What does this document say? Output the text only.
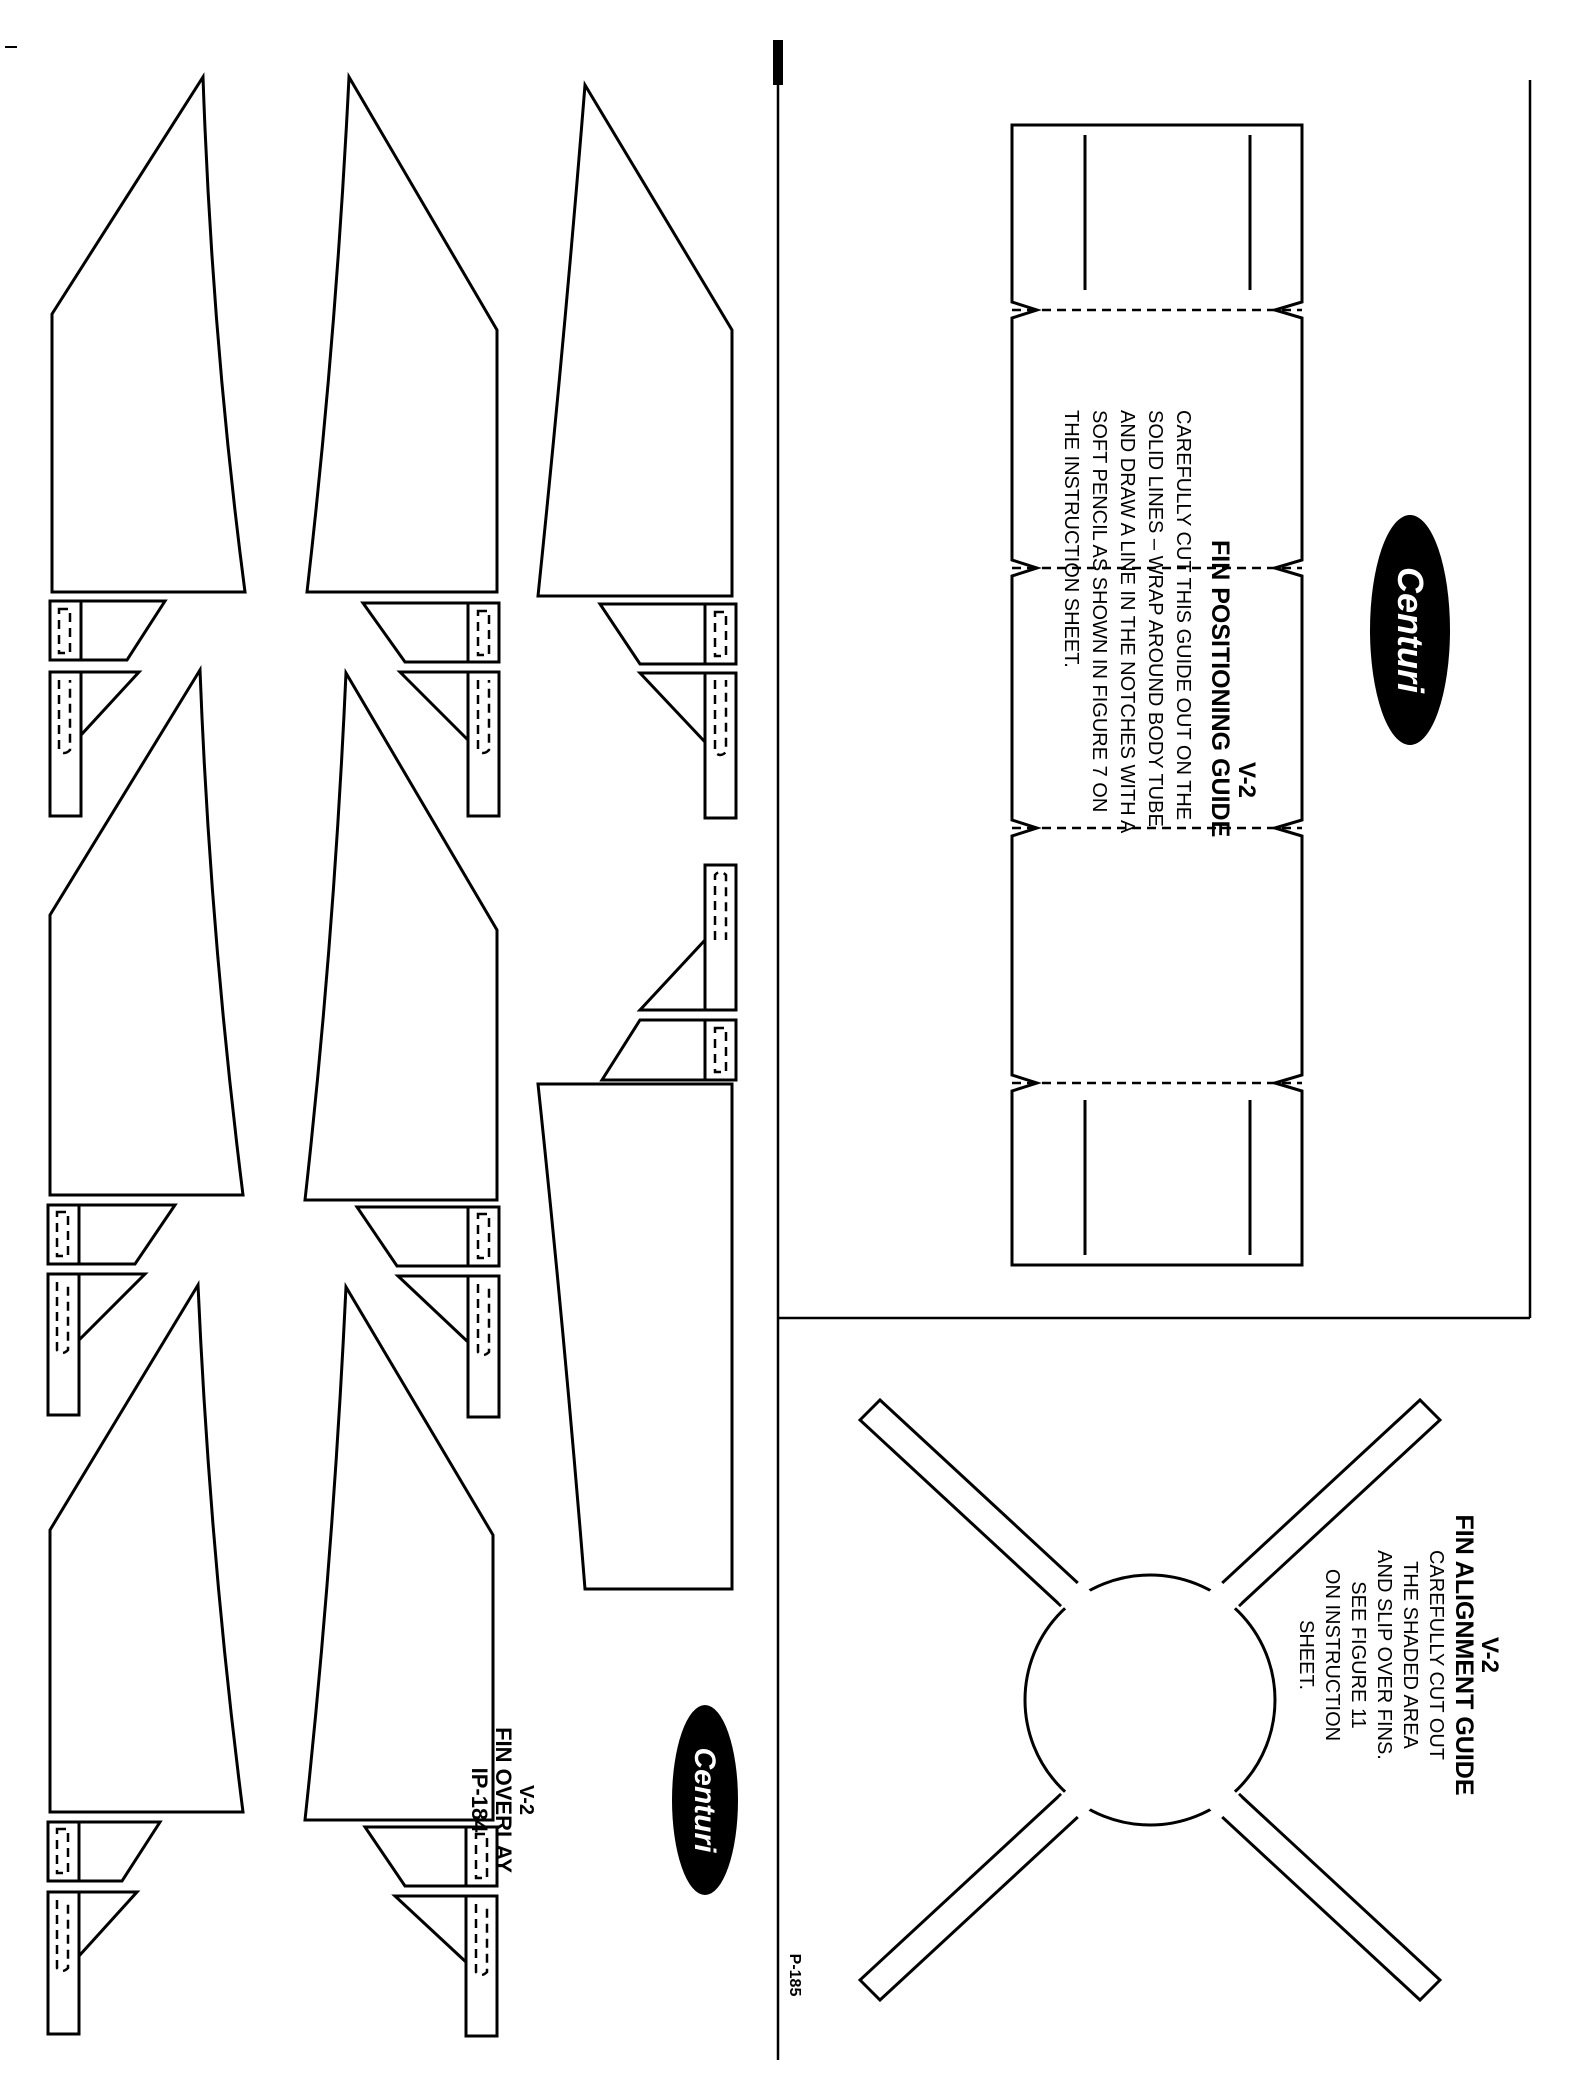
V-2
FIN POSITIONING GUIDE
CAREFULLY CUT THIS GUIDE OUT ON THE
SOLID LINES – WRAP AROUND BODY TUBE
AND DRAW A LINE IN THE NOTCHES WITH A
SOFT PENCIL AS SHOWN IN FIGURE 7 ON
THE INSTRUCTION SHEET.	Centuri
V-2
FIN ALIGNMENT GUIDE
CAREFULLY CUT OUT
THE SHADED AREA
AND SLIP OVER FINS.
SEE FIGURE 11
ON INSTRUCTION
SHEET.
Centuri
V-2
FIN OVERLAY
IP-184
P-185
